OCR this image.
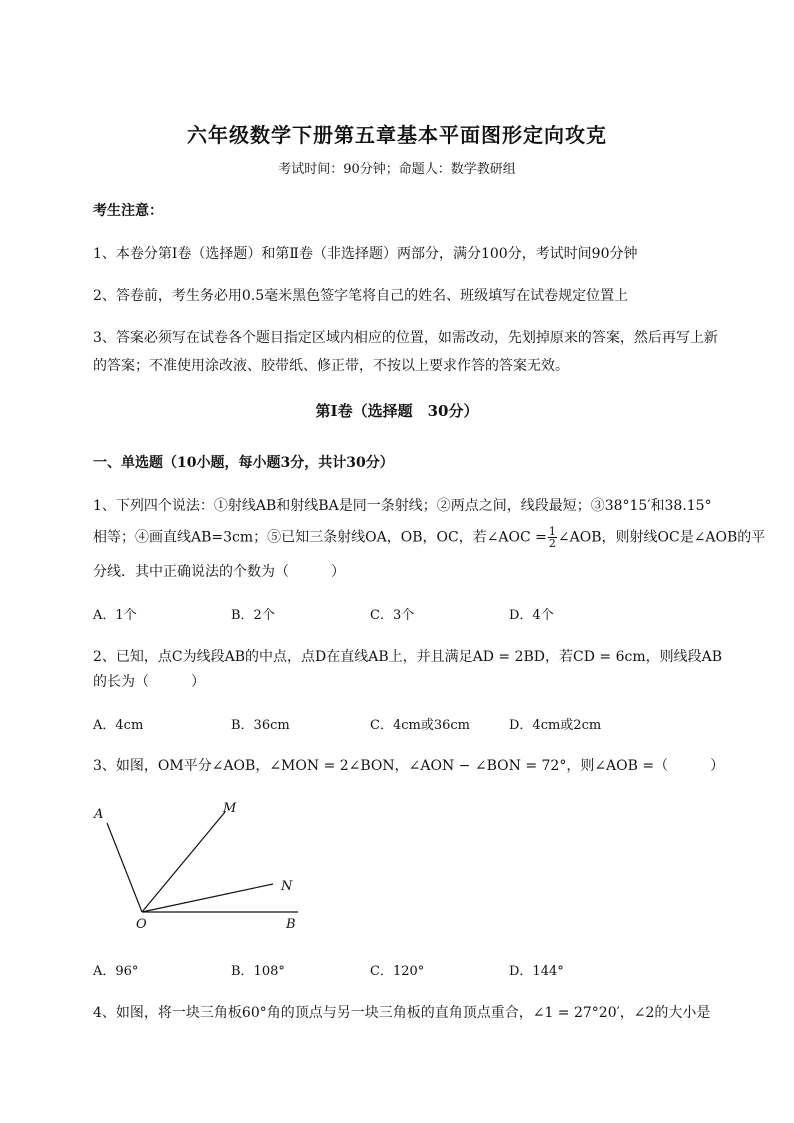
六年级数学下册第五章基本平面图形定向攻克
考试时间：90分钟；命题人：数学教研组
考生注意：
1、本卷分第Ⅰ卷（选择题）和第Ⅱ卷（非选择题）两部分，满分100分，考试时间90分钟
2、答卷前，考生务必用0.5毫米黑色签字笔将自己的姓名、班级填写在试卷规定位置上
3、答案必须写在试卷各个题目指定区域内相应的位置，如需改动，先划掉原来的答案，然后再写上新
的答案；不准使用涂改液、胶带纸、修正带，不按以上要求作答的答案无效。
第Ⅰ卷（选择题　30分）
一、单选题（10小题，每小题3分，共计30分）
1、下列四个说法：①射线AB和射线BA是同一条射线；②两点之间，线段最短；③38°15′和38.15°
相等；④画直线AB=3cm；⑤已知三条射线OA，OB，OC，若∠AOC = $\frac{1}{2}$ ∠AOB，则射线OC是∠AOB的平
分线．其中正确说法的个数为（　　　）
A．1个	B．2个	C．3个	D．4个
2、已知，点C为线段AB的中点，点D在直线AB上，并且满足AD = 2BD，若CD = 6cm，则线段AB
的长为（　　　）
A．4cm	B．36cm	C．4cm或36cm	D．4cm或2cm
3、如图，OM平分∠AOB，∠MON = 2∠BON，∠AON − ∠BON = 72°，则∠AOB =（　　　）
A	M
N
O	B
A．96°	B．108°	C．120°	D．144°
4、如图，将一块三角板60°角的顶点与另一块三角板的直角顶点重合，∠1 = 27°20′，∠2的大小是
